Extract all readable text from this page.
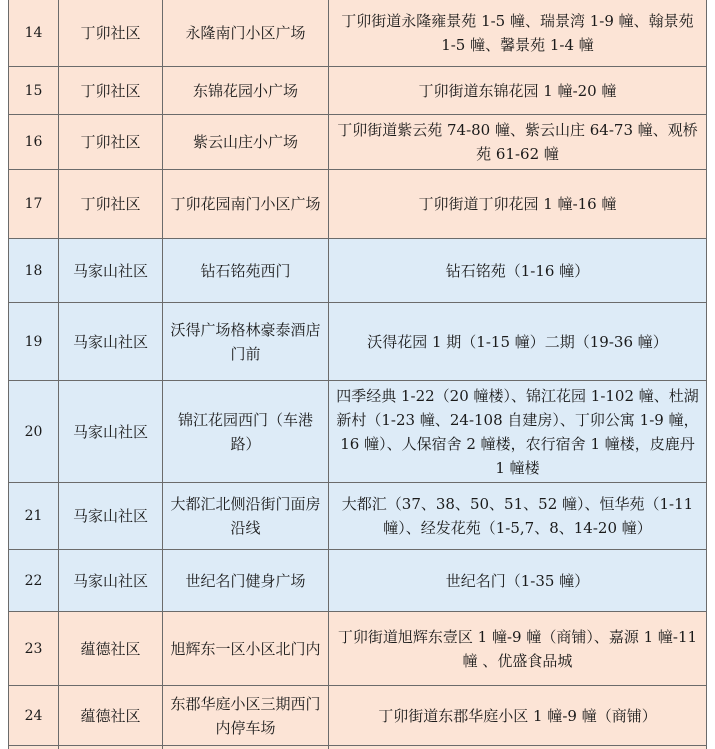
14	丁卯社区	永隆南门小区广场	丁卯街道永隆雍景苑 1-5 幢、瑞景湾 1-9 幢、翰景苑 1-5 幢、馨景苑 1-4 幢
15	丁卯社区	东锦花园小广场	丁卯街道东锦花园 1 幢-20 幢
16	丁卯社区	紫云山庄小广场	丁卯街道紫云苑 74-80 幢、紫云山庄 64-73 幢、观桥苑 61-62 幢
17	丁卯社区	丁卯花园南门小区广场	丁卯街道丁卯花园 1 幢-16 幢
18	马家山社区	钻石铭苑西门	钻石铭苑（1-16 幢）
19	马家山社区	沃得广场格林豪泰酒店门前	沃得花园 1 期（1-15 幢）二期（19-36 幢）
20	马家山社区	锦江花园西门（车港路）	四季经典 1-22（20 幢楼）、锦江花园 1-102 幢、杜湖新村（1-23 幢、24-108 自建房）、丁卯公寓 1-9 幢，16 幢）、人保宿舍 2 幢楼，农行宿舍 1 幢楼，皮鹿丹 1 幢楼
21	马家山社区	大都汇北侧沿街门面房沿线	大都汇（37、38、50、51、52 幢）、恒华苑（1-11 幢）、经发花苑（1-5,7、8、14-20 幢）
22	马家山社区	世纪名门健身广场	世纪名门（1-35 幢）
23	蕴德社区	旭辉东一区小区北门内	丁卯街道旭辉东壹区 1 幢-9 幢（商铺）、嘉源 1 幢-11 幢 、优盛食品城
24	蕴德社区	东郡华庭小区三期西门内停车场	丁卯街道东郡华庭小区 1 幢-9 幢（商铺）
